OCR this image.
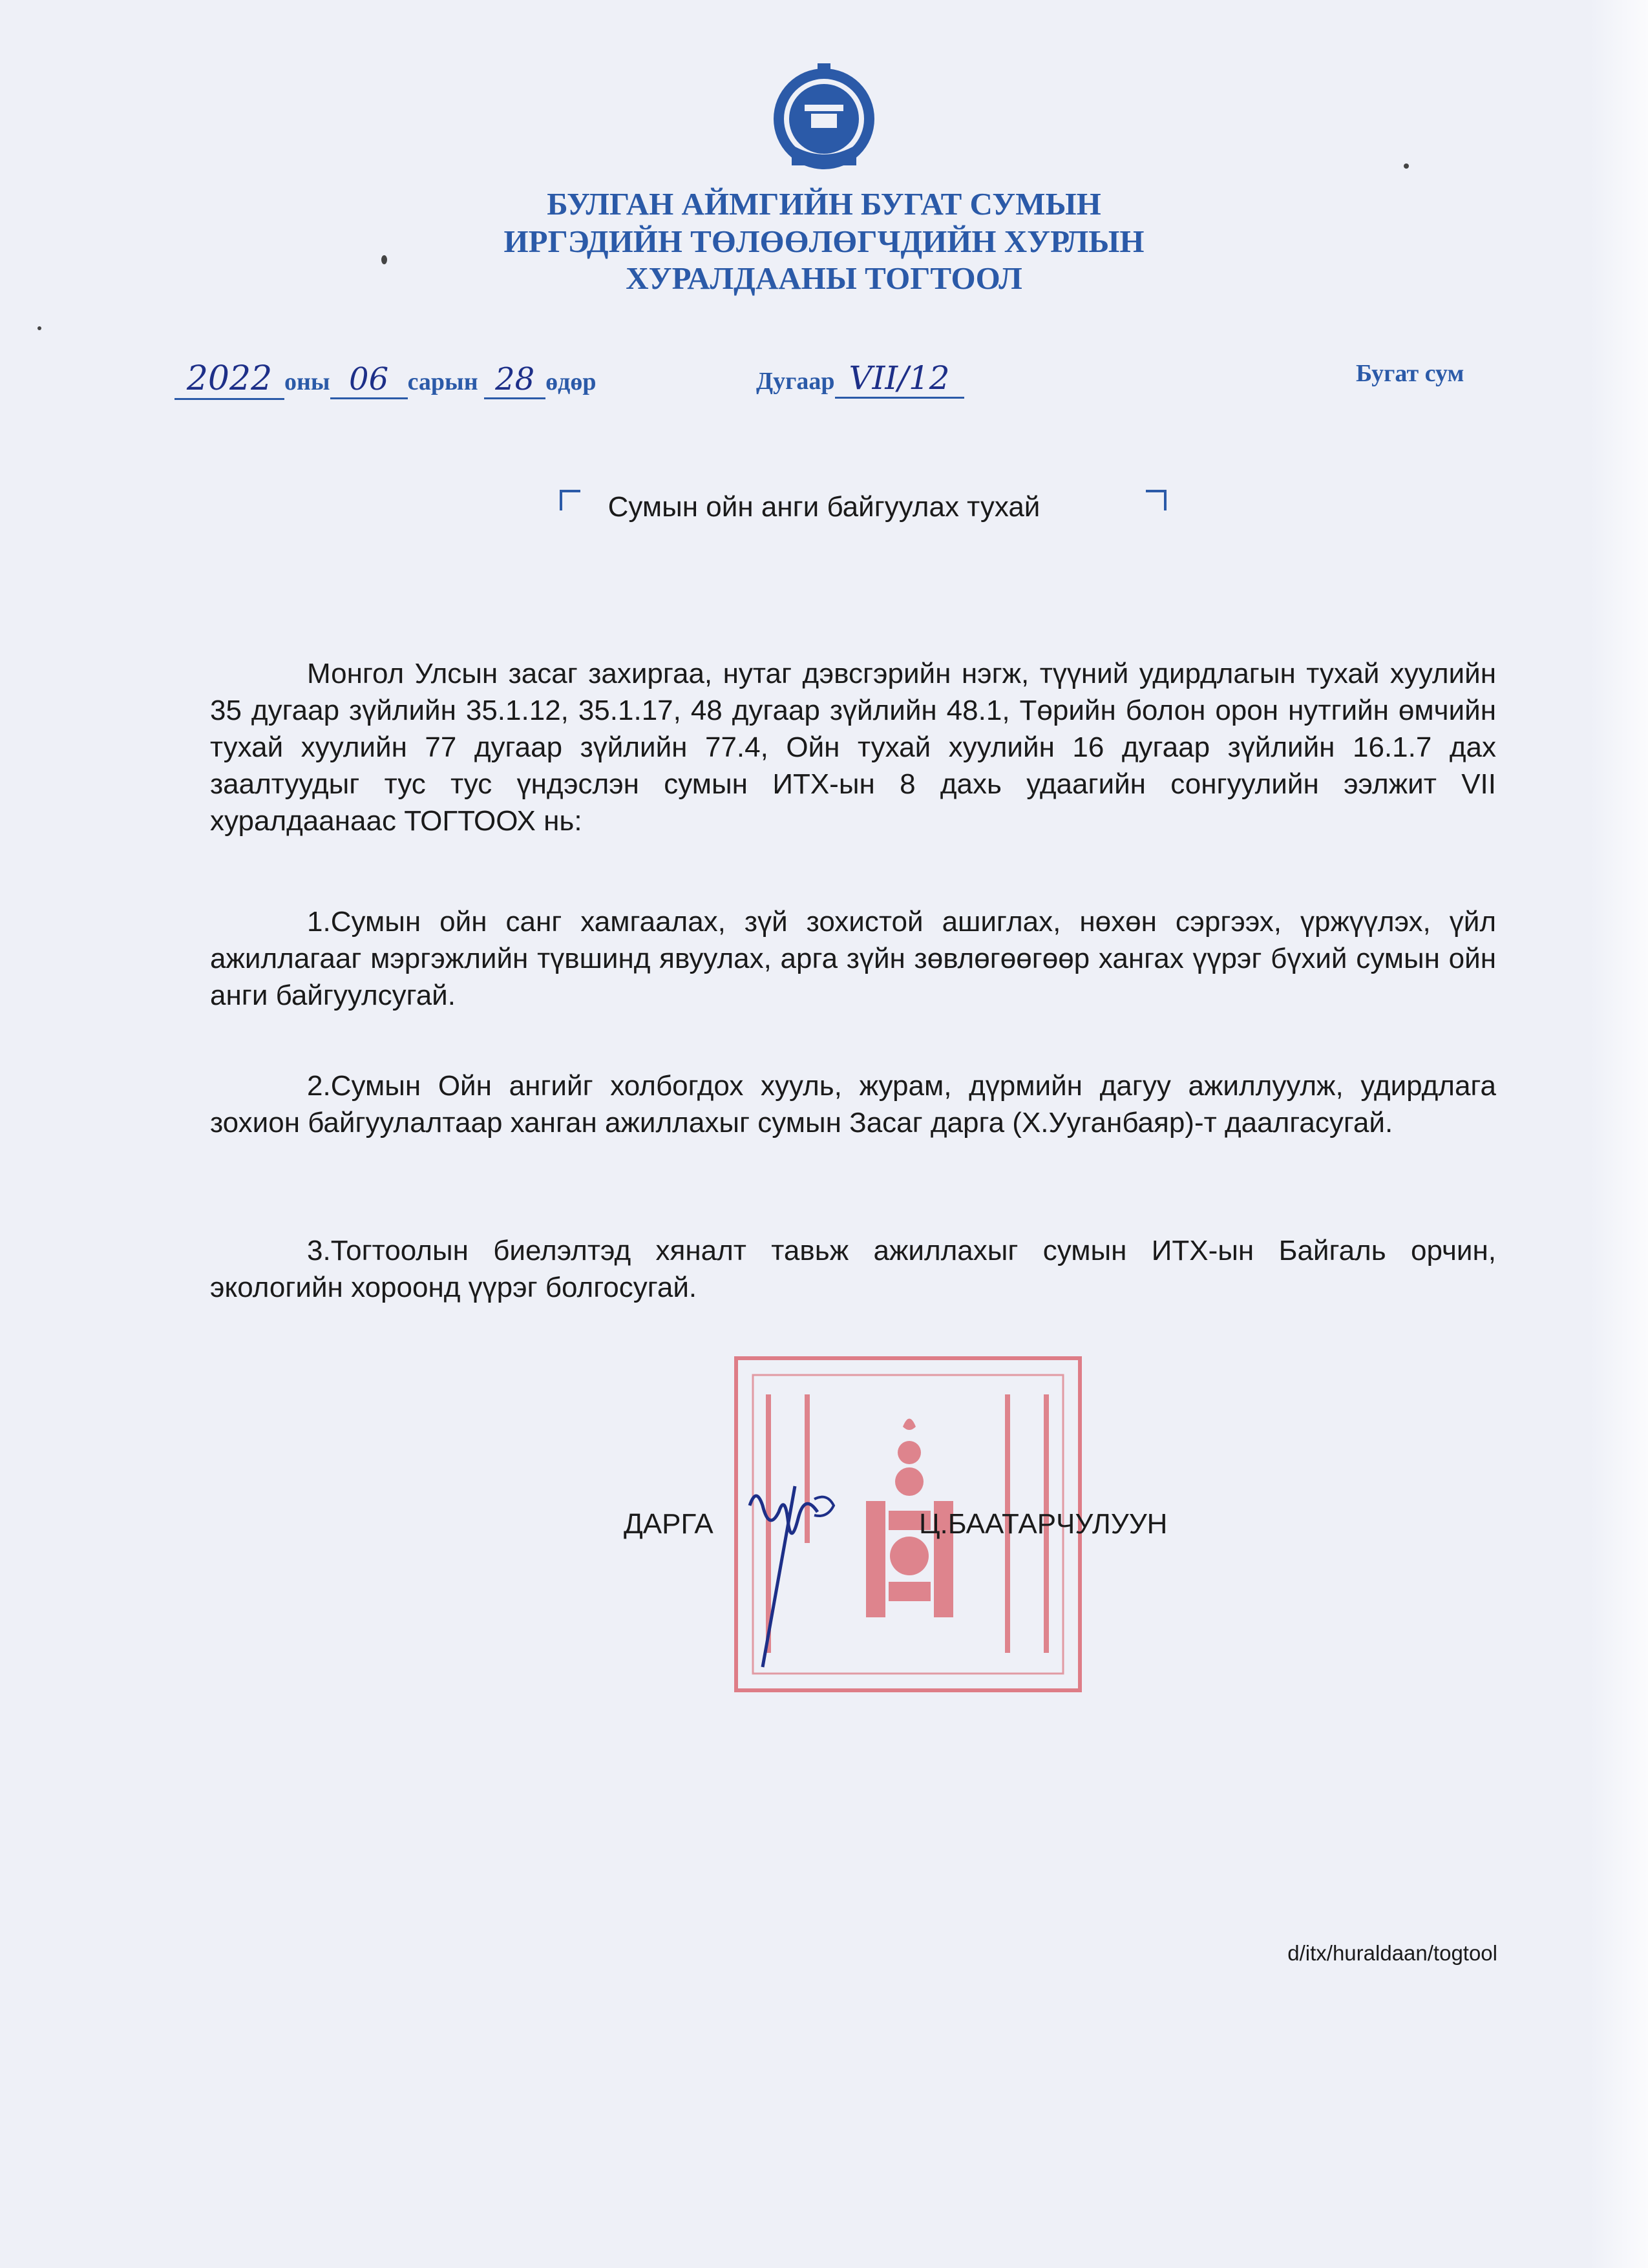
БУЛГАН АЙМГИЙН БУГАТ СУМЫН
ИРГЭДИЙН ТӨЛӨӨЛӨГЧДИЙН ХУРЛЫН
ХУРАЛДААНЫ ТОГТООЛ
2022 оны 06 сарын 28 өдөр	Дугаар VII/12	Бугат сум
Сумын ойн анги байгуулах тухай
Монгол Улсын засаг захиргаа, нутаг дэвсгэрийн нэгж, түүний удирдлагын тухай хуулийн 35 дугаар зүйлийн 35.1.12, 35.1.17, 48 дугаар зүйлийн 48.1, Төрийн болон орон нутгийн өмчийн тухай хуулийн 77 дугаар зүйлийн 77.4, Ойн тухай хуулийн 16 дугаар зүйлийн 16.1.7 дах заалтуудыг тус тус үндэслэн сумын ИТХ-ын 8 дахь удаагийн сонгуулийн ээлжит VII хуралдаанаас ТОГТООХ нь:
1.Сумын ойн санг хамгаалах, зүй зохистой ашиглах, нөхөн сэргээх, үржүүлэх, үйл ажиллагааг мэргэжлийн түвшинд явуулах, арга зүйн зөвлөгөөгөөр хангах үүрэг бүхий сумын ойн анги байгуулсугай.
2.Сумын Ойн ангийг холбогдох хууль, журам, дүрмийн дагуу ажиллуулж, удирдлага зохион байгуулалтаар ханган ажиллахыг сумын Засаг дарга (Х.Ууганбаяр)-т даалгасугай.
3.Тогтоолын биелэлтэд хяналт тавьж ажиллахыг сумын ИТХ-ын Байгаль орчин, экологийн хороонд үүрэг болгосугай.
ДАРГА	Ц.БААТАРЧУЛУУН
d/itx/huraldaan/togtool
